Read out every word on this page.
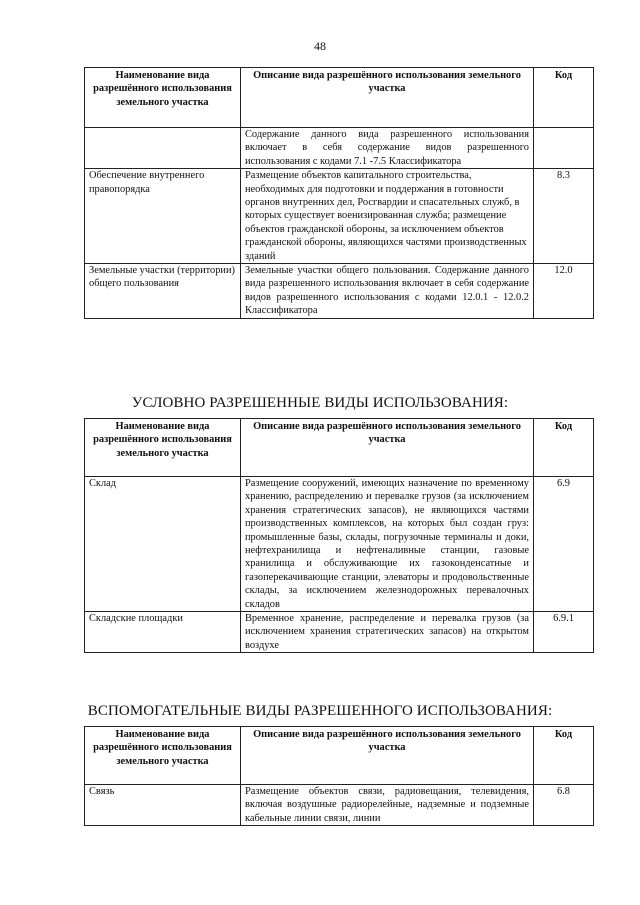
48
Наименование вида разрешённого использования земельного участка	Описание вида разрешённого использования земельного участка	Код
	Содержание данного вида разрешенного использования включает в себя содержание видов разрешенного использования с кодами 7.1 -7.5 Классификатора	
Обеспечение внутреннего правопорядка	Размещение объектов капитального строительства, необходимых для подготовки и поддержания в готовности органов внутренних дел, Росгвардии и спасательных служб, в которых существует военизированная служба; размещение объектов гражданской обороны, за исключением объектов гражданской обороны, являющихся частями производственных зданий	8.3
Земельные участки (территории) общего пользования	Земельные участки общего пользования. Содержание данного вида разрешенного использования включает в себя содержание видов разрешенного использования с кодами 12.0.1 - 12.0.2 Классификатора	12.0
УСЛОВНО РАЗРЕШЕННЫЕ ВИДЫ ИСПОЛЬЗОВАНИЯ:
Наименование вида разрешённого использования земельного участка	Описание вида разрешённого использования земельного участка	Код
Склад	Размещение сооружений, имеющих назначение по временному хранению, распределению и перевалке грузов (за исключением хранения стратегических запасов), не являющихся частями производственных комплексов, на которых был создан груз: промышленные базы, склады, погрузочные терминалы и доки, нефтехранилища и нефтеналивные станции, газовые хранилища и обслуживающие их газоконденсатные и газоперекачивающие станции, элеваторы и продовольственные склады, за исключением железнодорожных перевалочных складов	6.9
Складские площадки	Временное хранение, распределение и перевалка грузов (за исключением хранения стратегических запасов) на открытом воздухе	6.9.1
ВСПОМОГАТЕЛЬНЫЕ ВИДЫ РАЗРЕШЕННОГО ИСПОЛЬЗОВАНИЯ:
Наименование вида разрешённого использования земельного участка	Описание вида разрешённого использования земельного участка	Код
Связь	Размещение объектов связи, радиовещания, телевидения, включая воздушные радиорелейные, надземные и подземные кабельные линии связи, линии	6.8
